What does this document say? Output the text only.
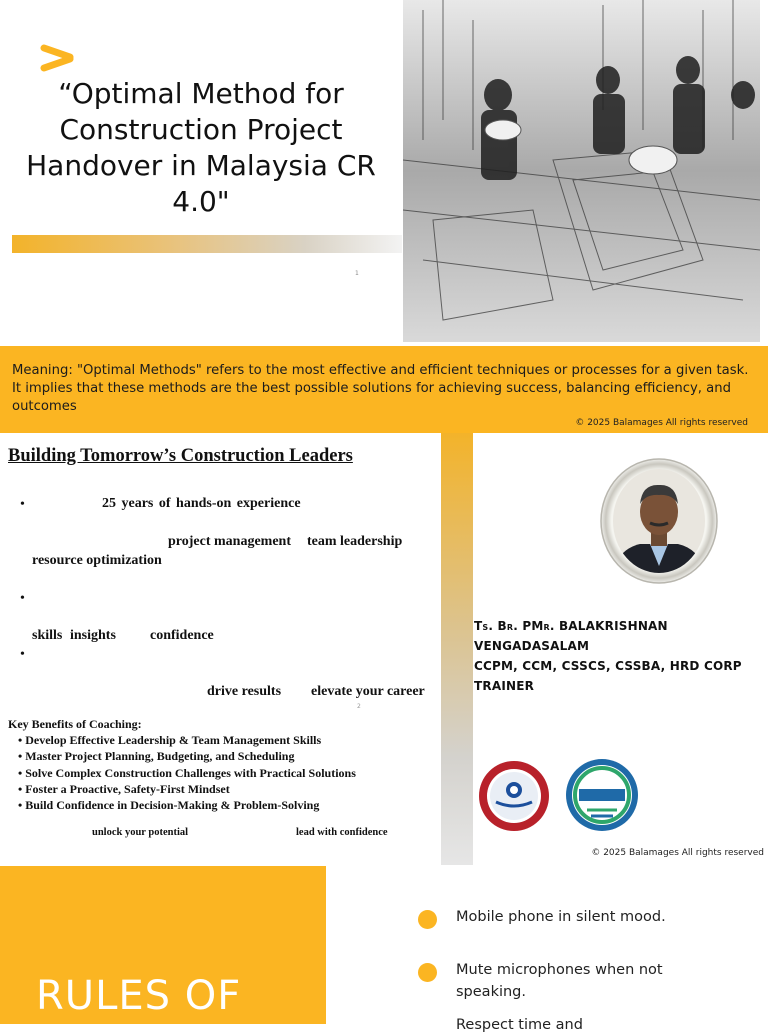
“Optimal Method for Construction Project Handover in Malaysia CR 4.0"
1
Meaning: "Optimal Methods" refers to the most effective and efficient techniques or processes for a given task. It implies that these methods are the best possible solutions for achieving success, balancing efficiency, and outcomes
© 2025 Balamages All rights reserved
Building Tomorrow’s Construction Leaders
•	25 years of hands-on experience
project management team leadership
resource optimization
•
skills insights confidence
•
drive results elevate your career
2
Key Benefits of Coaching:
• Develop Effective Leadership & Team Management Skills
• Master Project Planning, Budgeting, and Scheduling
• Solve Complex Construction Challenges with Practical Solutions
• Foster a Proactive, Safety-First Mindset
• Build Confidence in Decision-Making & Problem-Solving
unlock your potential	lead with confidence
Ts. Br. PMr. BALAKRISHNAN VENGADASALAM
CCPM, CCM, CSSCS, CSSBA, HRD CORP TRAINER
© 2025 Balamages All rights reserved
RULES OF
Mobile phone in silent mood.
Mute microphones when not speaking.
Respect time and
